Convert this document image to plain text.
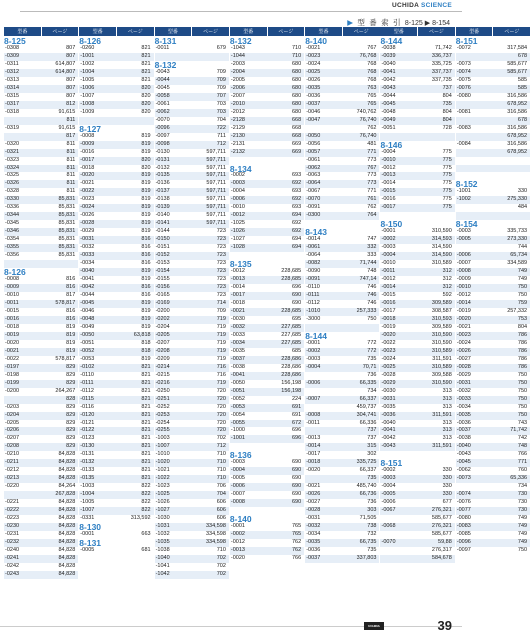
UCHIDA SCIENCE
▶ 型 番 索 引 8-125 ▶ 8-154
型番	ページ
8-125
-0308	807
-0309	807
-0311	614,807
-0312	614,807
-0313	807
-0314	807
-0315	807
-0317	812
-0318	91,615
811
-0319	91,615
817
-0320	811
-0321	811
-0323	811
-0324	811
-0325	811
-0326	811
-0328	811
-0330	85,831
-0336	85,831
-0344	85,831
-0345	85,831
-0346	85,831
-0354	85,831
-0355	85,831
-0356	85,831
8-126
-0008	816
-0009	816
-0010	817
-0011	578,817
-0015	816
-0016	816
-0018	819
-0019	819
-0020	819
-0021	819
-0022	578,817
-0197	829
-0198	829
-0199	829
-0200	264,267
828
-0203	829
-0204	829
-0205	829
-0206	829
-0207	829
-0208	829
-0210	84,828
-0211	84,828
-0212	84,828
-0213	84,828
-0220	84,264
267,828
-0221	84,828
-0222	84,828
-0223	84,828
-0230	84,828
-0231	84,828
-0232	84,828
-0240	84,828
-0241	84,828
-0242	84,828
-0243	84,828
型番	ページ
8-126
-0260	821
-1001	821
-1002	821
-1004	821
-1005	821
-1006	820
-1007	820
-1008	820
-1009	820
8-127
-0008	819
-0009	819
-0016	819
-0017	820
-0018	820
-0020	819
-0021	819
-0022	819
-0023	819
-0024	819
-0026	819
-0028	819
-0029	819
-0031	816
-0032	816
-0033	816
-0034	816
-0040	819
-0041	819
-0042	816
-0044	816
-0045	819
-0046	819
-0048	819
-0049	819
-0050	63,818
-0051	818
-0052	818
-0053	819
-0102	821
-0110	821
-0111	821
-0112	821
-0115	821
-0116	821
-0120	821
-0121	821
-0122	821
-0123	821
-0130	821
-0131	821
-0132	821
-0133	821
-0135	821
-1003	822
-1004	822
-1005	822
-1007	822
-0331	313,592
8-130
-0001	663
8-131
-0005	681
型番	ページ
8-131
-0011	679
8-132
-0043	709
-0044	709
-0045	709
-0058	707
-0061	703
-0062	703
-0070	704
-0096	722
-0097	711
-0098	712
-0130	597,711
-0131	597,711
-0132	597,711
-0135	597,711
-0136	597,711
-0137	597,711
-0138	597,711
-0139	597,711
-0140	597,711
-0141	597,711
-0144	723
-0150	723
-0151	723
-0152	723
-0153	723
-0154	723
-0155	723
-0156	723
-0165	723
-0169	714
-0200	709
-0202	719
-0204	719
-0205	719
-0207	719
-0208	719
-0209	719
-0214	716
-0215	716
-0216	719
-0250	720
-0251	720
-0252	720
-0253	720
-0254	720
-0255	720
-1003	702
-1007	712
-1010	710
-1020	710
-1021	710
-1022	710
-1023	706
-1025	704
-1026	606
-1027	606
-1030	606
-1031	334,598
-1032	334,598
-1035	334,598
-1038	710
-1040	702
-1041	702
-1042	702
型番	ページ
8-132
-1043	710
-1044	710
-2003	680
-2004	680
-2005	680
-2006	680
-2007	680
-2010	680
-2012	680
-2128	668
-2129	668
-2130	668
-2131	669
-2132	669
8-134
-0002	693
-0003	692
-0004	693
-0006	692
-0010	693
-0012	694
-1025	692
-1026	692
-1027	694
-1028	694
8-135
-0012	228,685
-0013	228,685
-0014	696
-0017	690
-0018	690
-0021	228,685
-0030	695
-0032	227,685
-0033	227,685
-0034	227,685
-0035	685
-0037	228,686
-0038	228,686
-0041	228,686
-0050	156,198
-0051	156,198
-0052	224
-0053	691
-0054	691
-0055	672
-1000	696
-1001	696
8-136
-0003	690
-0004	690
-0005	690
-0006	690
-0007	690
-0008	690
8-140
-0001	765
-0002	765
-0012	762
-0013	762
-0020	766
型番	ページ
8-140
-0021	767
-0023	76,768
-0024	768
-0025	768
-0026	768
-0035	763
-0036	765
-0037	765
-0046	740,762
-0047	76,740
762
-0050	76,740
-0056	481
-0057	771
-0061	773
-0062	767
-0063	773
-0064	773
-0067	771
-0070	761
-0091	762
-0300	764
8-143
-0014	747
-0061	332
-0064	333
-0082	71,744
-0090	748
-0091	747,14
-0110	746
-0111	746
-0112	746
-1010	257,333
-3000	750
8-144
-0001	772
-0002	772
-0003	735
-0004	70,71
736
-0006	66,335
734
-0007	66,337
459,737
-0008	304,741
-0011	66,336
737
-0013	737
-0014	315
-0017	302
-0018	335,725
-0020	66,337
735
-0021	485,740
-0026	66,736
-0027	736
-0028	303
-0031	71,505
-0032	738
-0034	732
-0035	66,735
-0036	735
-0037	337,803
型番	ページ
8-144
-0038	71,742
-0039	336,737
-0040	335,725
-0041	337,737
-0042	337,735
-0043	737
-0044	804
-0045	735
-0048	804
-0049	804
-0051	728
8-146
-0004	775
-0010	775
-0012	775
-0013	775
-0014	775
-0015	775
-0016	775
-0017	775
8-150
-0001	310,590
-0002	314,593
-0003	314,590
-0004	314,590
-0010	310,589
-0011	312
-0012	312
-0014	312
-0015	592
-0016	309,589
-0017	308,587
-0018	310,593
-0019	309,589
-0020	310,590
-0022	310,590
-0023	310,589
-0024	311,591
-0025	310,589
-0028	309,588
-0029	310,590
-0030	313
-0031	313
-0035	313
-0036	311,591
-0040	313
-0041	313
-0042	313
-0043	311,591
8-151
-0002	330
-0003	330
-0004	330
-0005	330
-0006	677
-0067	276,321
585,677
-0068	276,321
585,677
-0070	59,88
276,317
584,678
型番	ページ
8-151
-0072	317,584
678
-0073	585,677
-0074	585,677
-0075	585
-0076	585
-0080	316,586
678,952
-0081	316,586
678
-0083	316,586
678,952
-0084	316,586
678,952
8-152
-1001	330
-1002	275,330
484
8-154
-0003	335,733
-0005	273,330
744
-0006	65,734
-0007	334,589
-0008	749
-0009	749
-0010	750
-0012	750
-0014	759
-0019	257,332
-0020	753
-0021	804
-0023	786
-0024	786
-0026	786
-0027	786
-0028	786
-0029	750
-0031	750
-0032	750
-0033	750
-0034	750
-0035	750
-0036	743
-0037	71,742
-0038	742
-0040	748
-0043	766
-0045	771
-0062	760
-0073	65,336
734
-0074	730
-0076	730
-0077	730
-0080	749
-0083	749
-0085	749
-0096	749
-0097	750
UCHIDA	39
